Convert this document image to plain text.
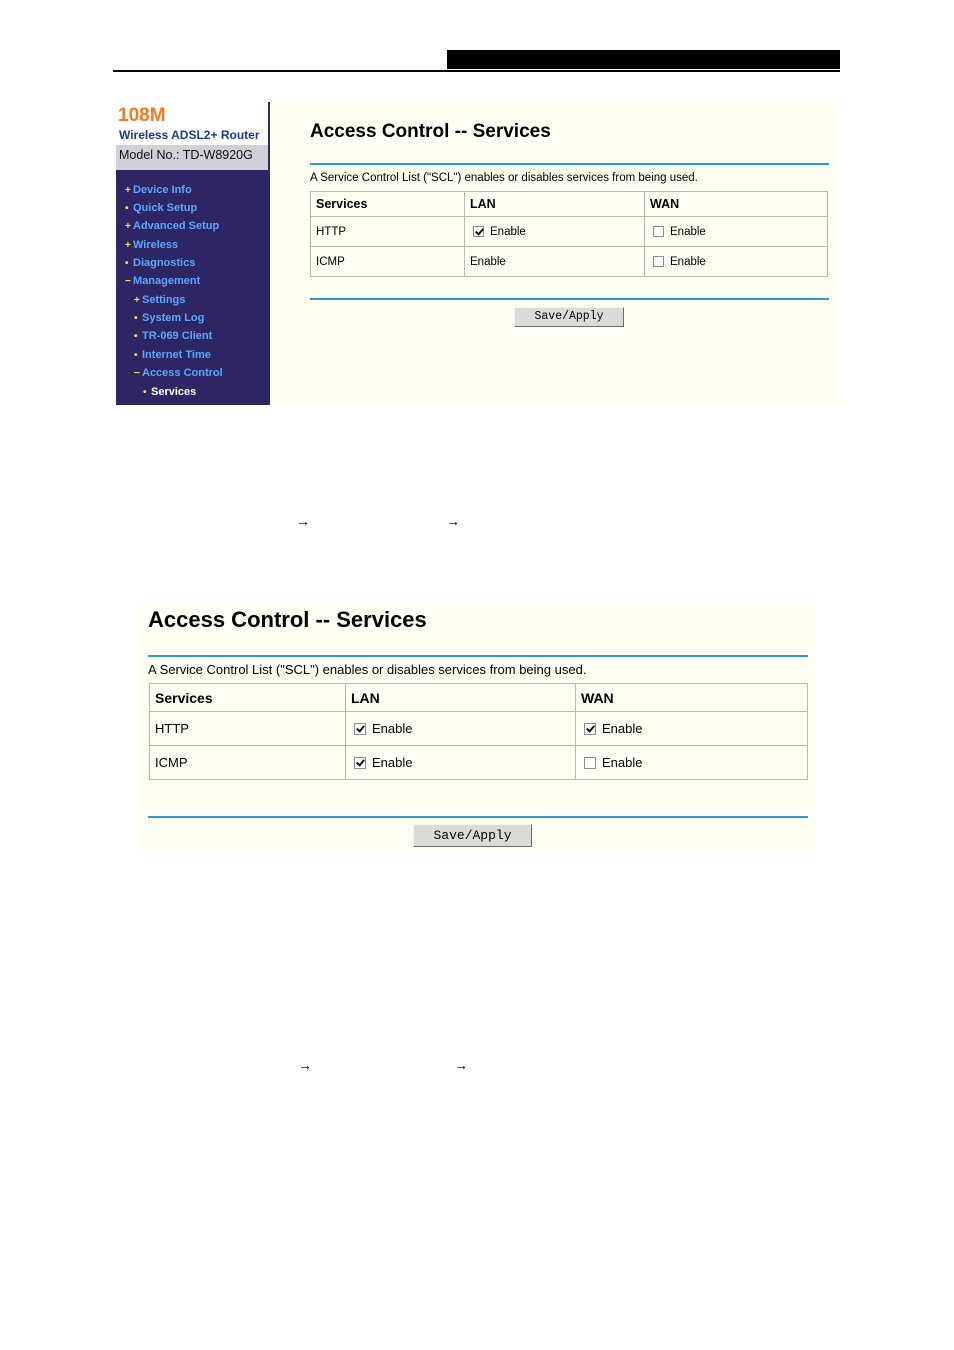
108M
Wireless ADSL2+ Router
Model No.: TD-W8920G
+ Device Info
• Quick Setup
+ Advanced Setup
+ Wireless
• Diagnostics
− Management
+ Settings
• System Log
• TR-069 Client
• Internet Time
− Access Control
• Services
Access Control -- Services
A Service Control List ("SCL") enables or disables services from being used.
Services	LAN	WAN
HTTP	Enable	Enable
ICMP	Enable	Enable
Save/Apply
→	→
Access Control -- Services
A Service Control List ("SCL") enables or disables services from being used.
Services	LAN	WAN
HTTP	Enable	Enable
ICMP	Enable	Enable
Save/Apply
→	→
